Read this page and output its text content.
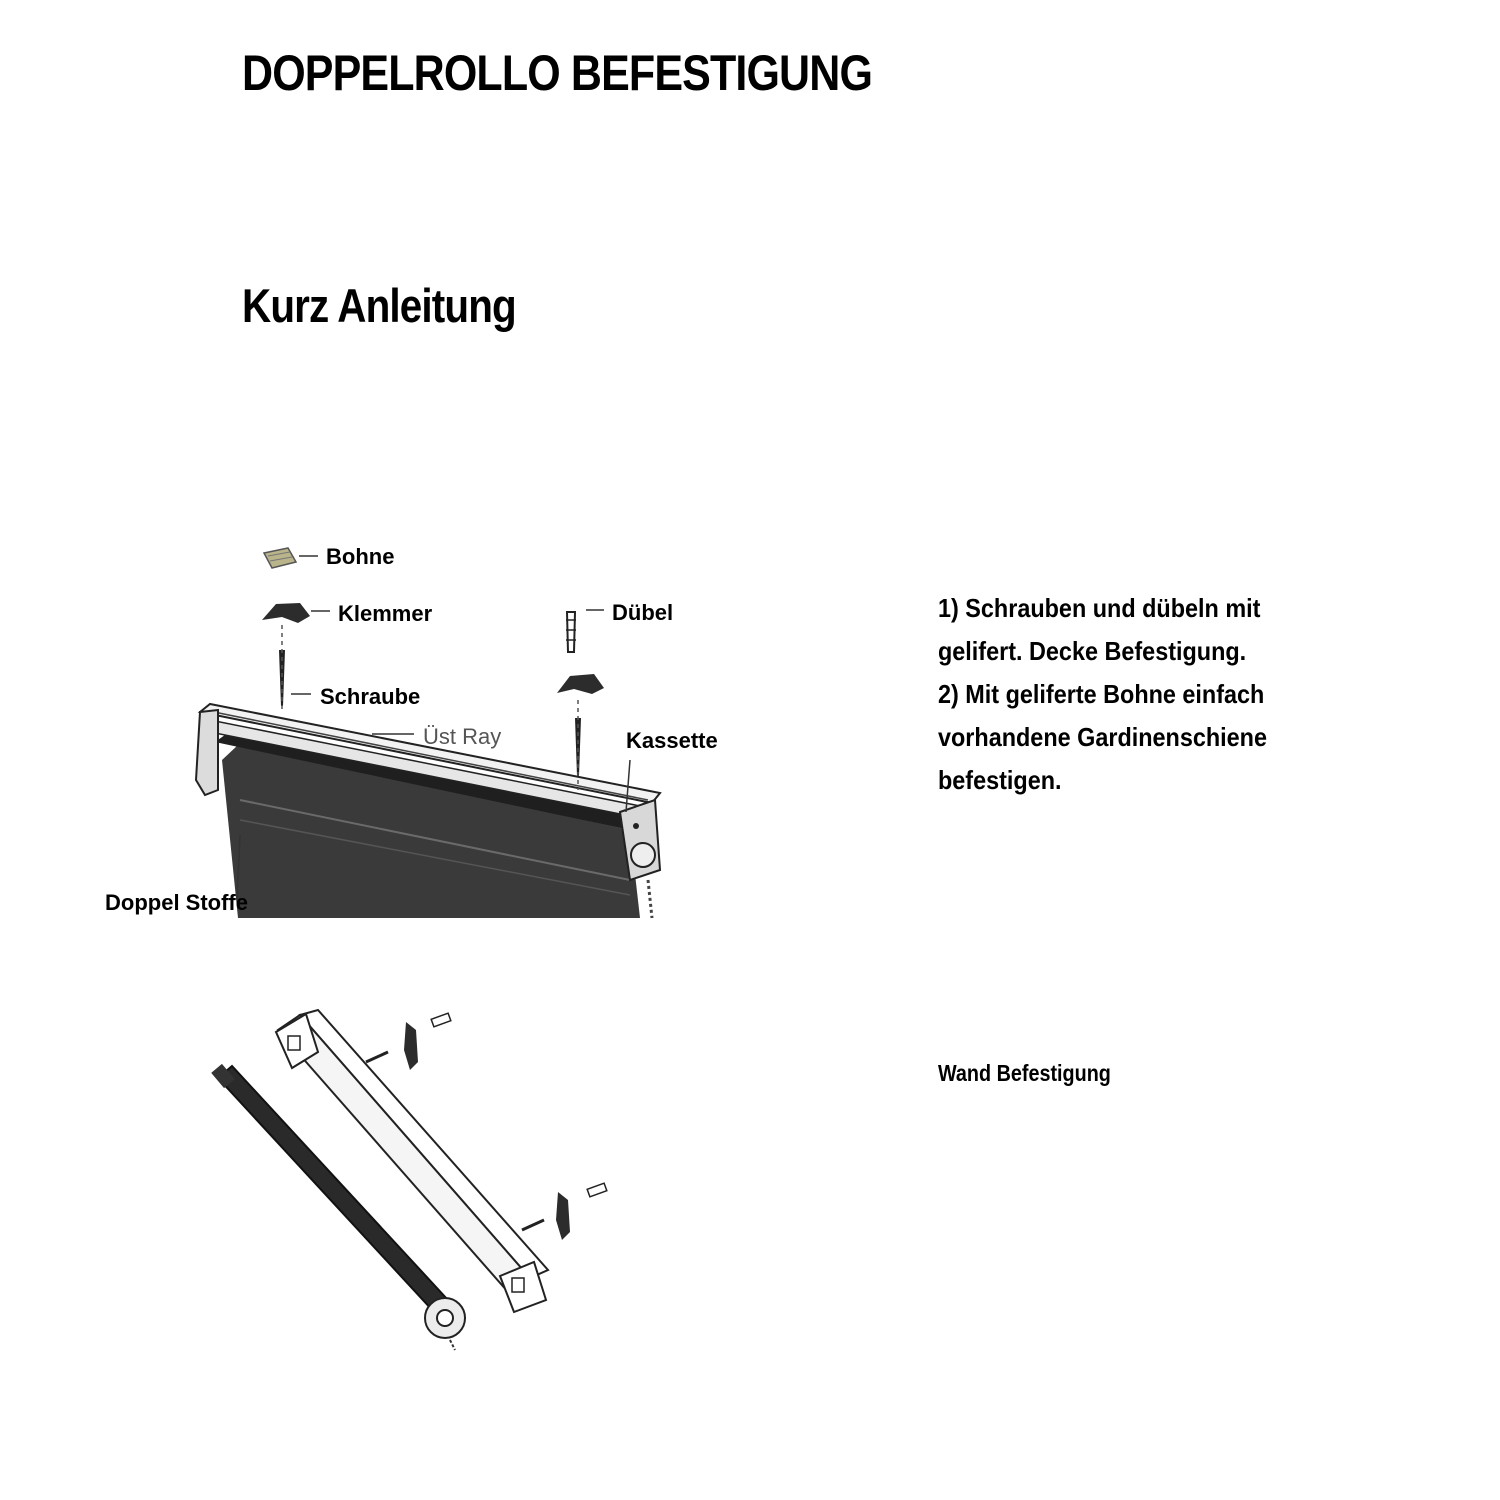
DOPPELROLLO BEFESTIGUNG
Kurz Anleitung
Bohne
Klemmer	Dübel
Schraube
Üst Ray	Kassette
Doppel Stoffe

1) Schrauben und dübeln mit

gelifert. Decke Befestigung.

2) Mit geliferte Bohne einfach

vorhandene Gardinenschiene

befestigen.

Wand Befestigung
